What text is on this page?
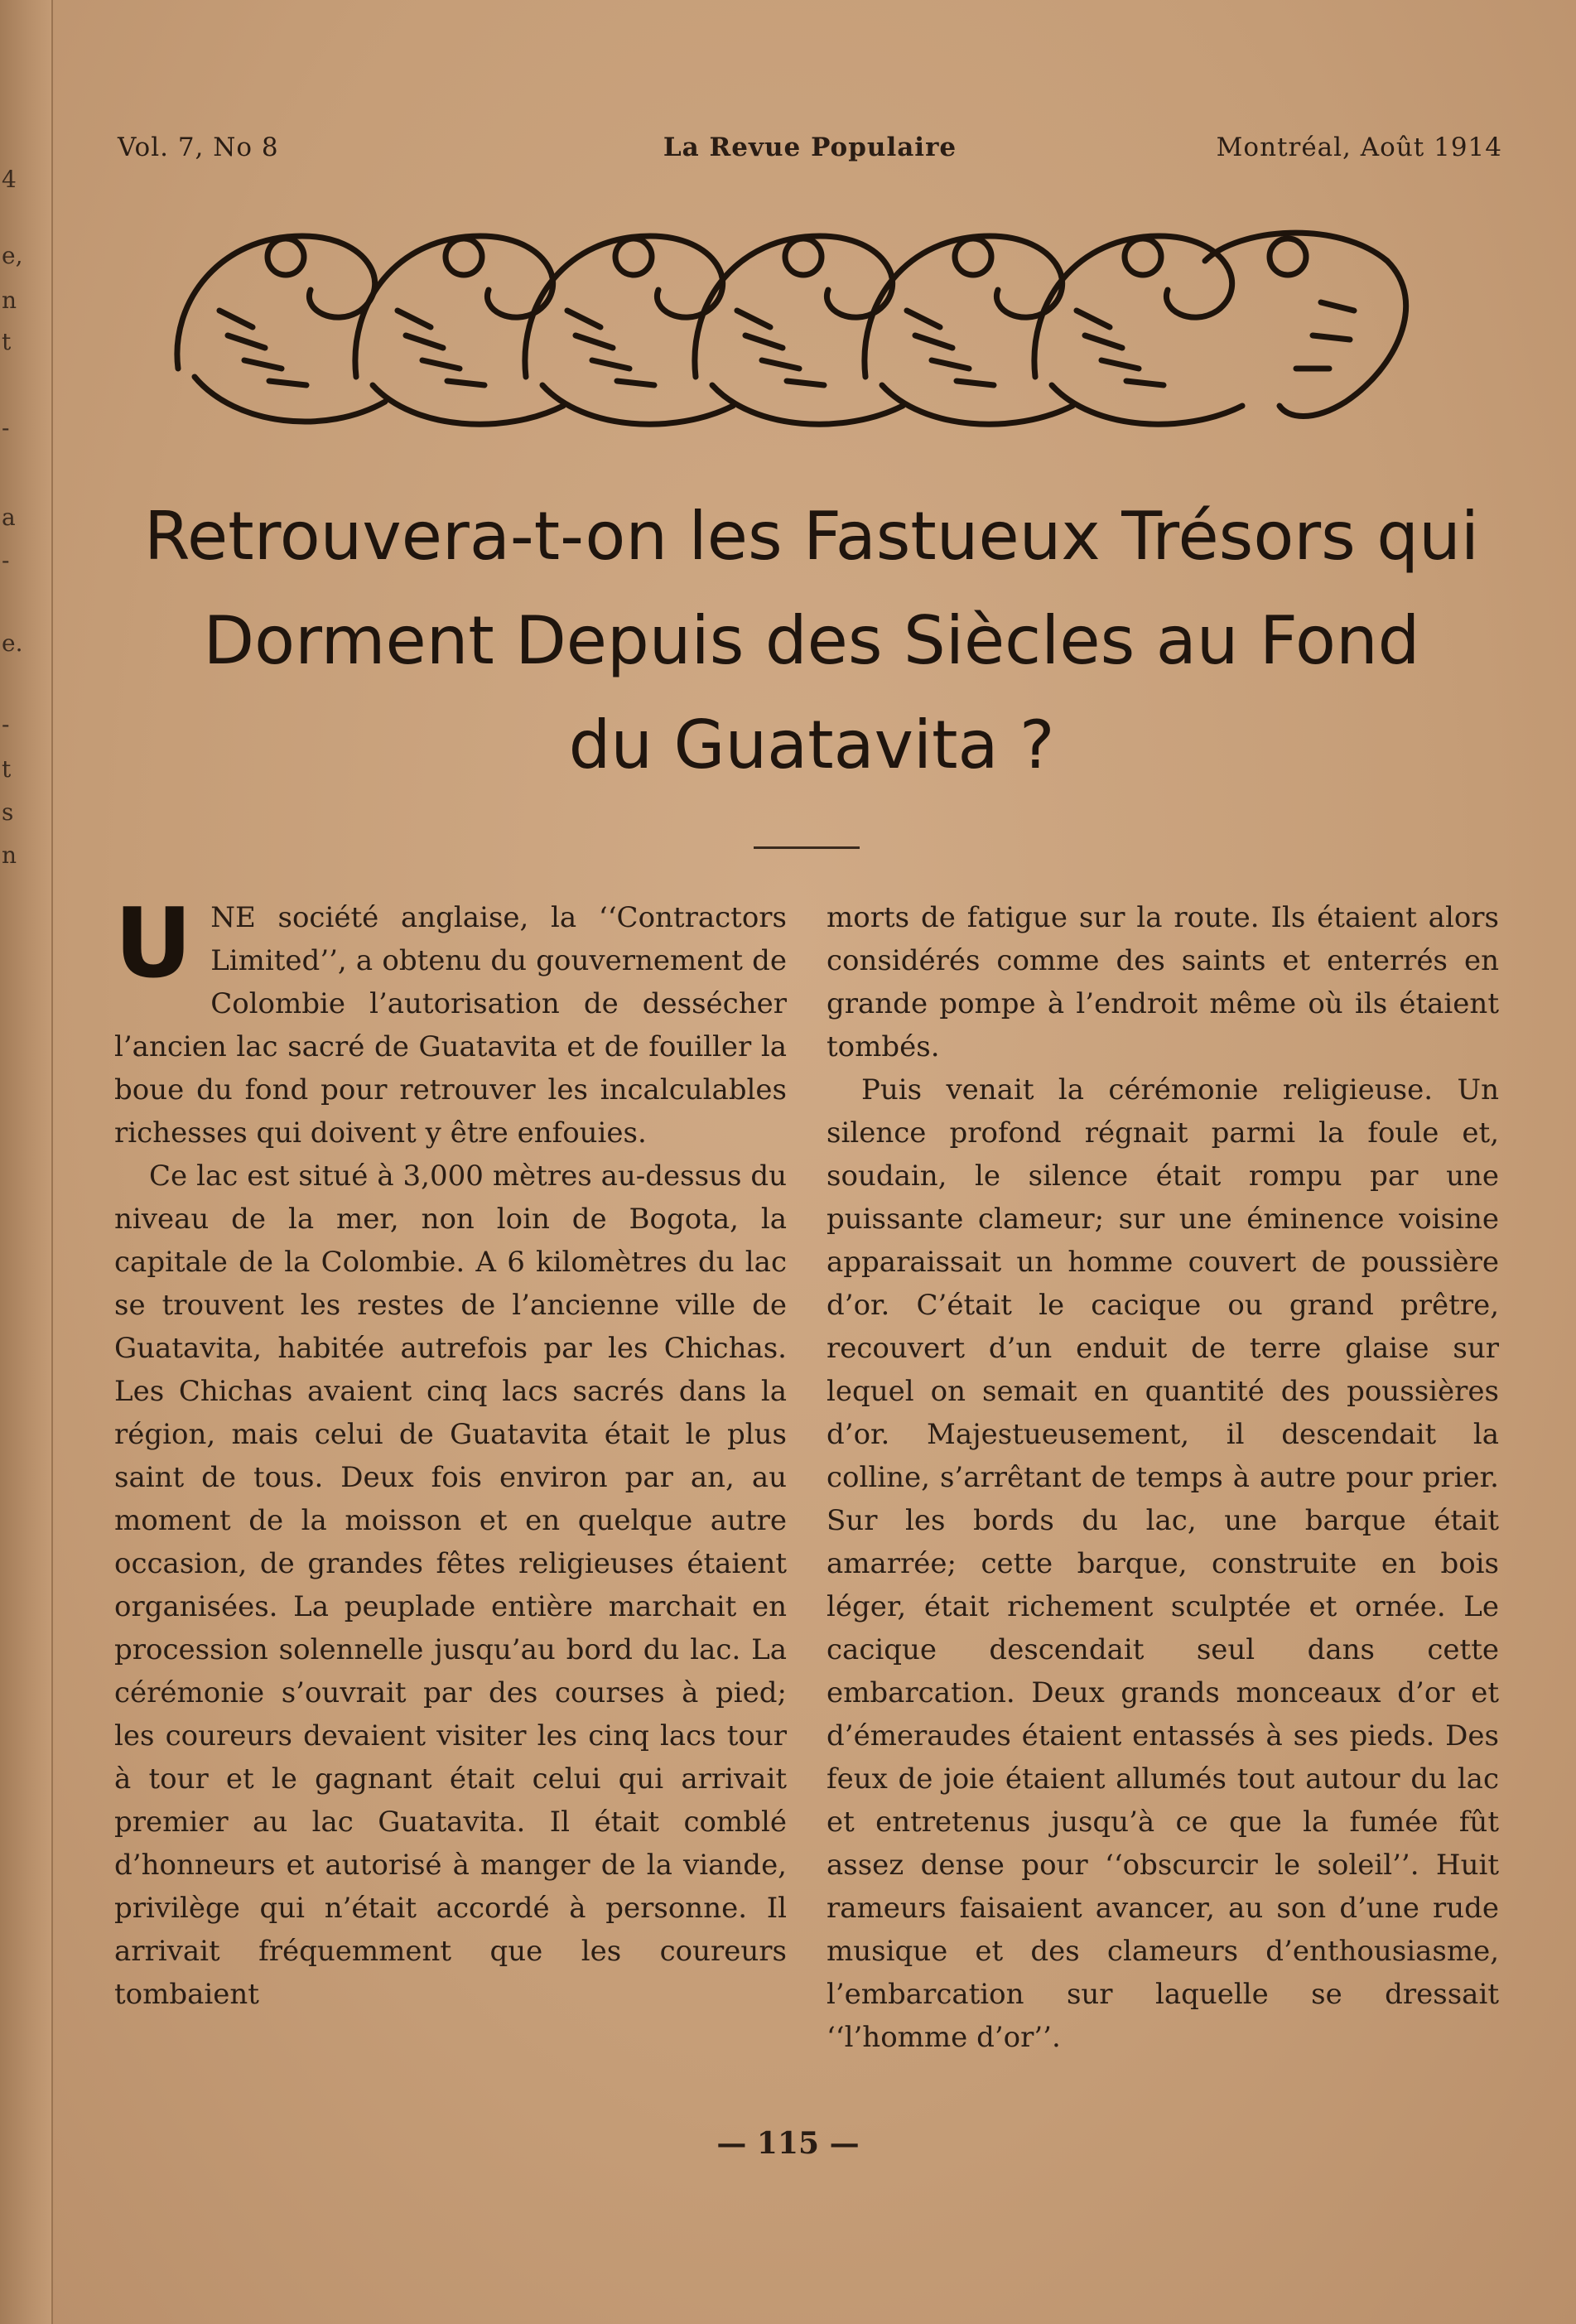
4
e,
n
t
-
a
-
e.
-
t
s
n
Vol. 7, No 8	La Revue Populaire	Montréal, Août 1914
Retrouvera-t-on les Fastueux Trésors qui
Dorment Depuis des Siècles au Fond
du Guatavita ?

UNE société anglaise, la ‘‘Contractors Limited’’, a obtenu du gouvernement de Colombie l’autorisation de dessécher l’ancien lac sacré de Guatavita et de fouiller la boue du fond pour retrouver les incalculables richesses qui doivent y être enfouies.

Ce lac est situé à 3,000 mètres au-dessus du niveau de la mer, non loin de Bogota, la capitale de la Colombie. A 6 kilomètres du lac se trouvent les restes de l’ancienne ville de Guatavita, habitée autrefois par les Chichas. Les Chichas avaient cinq lacs sacrés dans la région, mais celui de Guatavita était le plus saint de tous. Deux fois environ par an, au moment de la moisson et en quelque autre occasion, de grandes fêtes religieuses étaient organisées. La peuplade entière marchait en procession solennelle jusqu’au bord du lac. La cérémonie s’ouvrait par des courses à pied; les coureurs devaient visiter les cinq lacs tour à tour et le gagnant était celui qui arrivait premier au lac Guatavita. Il était comblé d’honneurs et autorisé à manger de la viande, privilège qui n’était accordé à personne. Il arrivait fréquemment que les coureurs tombaient

morts de fatigue sur la route. Ils étaient alors considérés comme des saints et enterrés en grande pompe à l’endroit même où ils étaient tombés.

Puis venait la cérémonie religieuse. Un silence profond régnait parmi la foule et, soudain, le silence était rompu par une puissante clameur; sur une éminence voisine apparaissait un homme couvert de poussière d’or. C’était le cacique ou grand prêtre, recouvert d’un enduit de terre glaise sur lequel on semait en quantité des poussières d’or. Majestueusement, il descendait la colline, s’arrêtant de temps à autre pour prier. Sur les bords du lac, une barque était amarrée; cette barque, construite en bois léger, était richement sculptée et ornée. Le cacique descendait seul dans cette embarcation. Deux grands monceaux d’or et d’émeraudes étaient entassés à ses pieds. Des feux de joie étaient allumés tout autour du lac et entretenus jusqu’à ce que la fumée fût assez dense pour ‘‘obscurcir le soleil’’. Huit rameurs faisaient avancer, au son d’une rude musique et des clameurs d’enthousiasme, l’embarcation sur laquelle se dressait ‘‘l’homme d’or’’.

— 115 —
